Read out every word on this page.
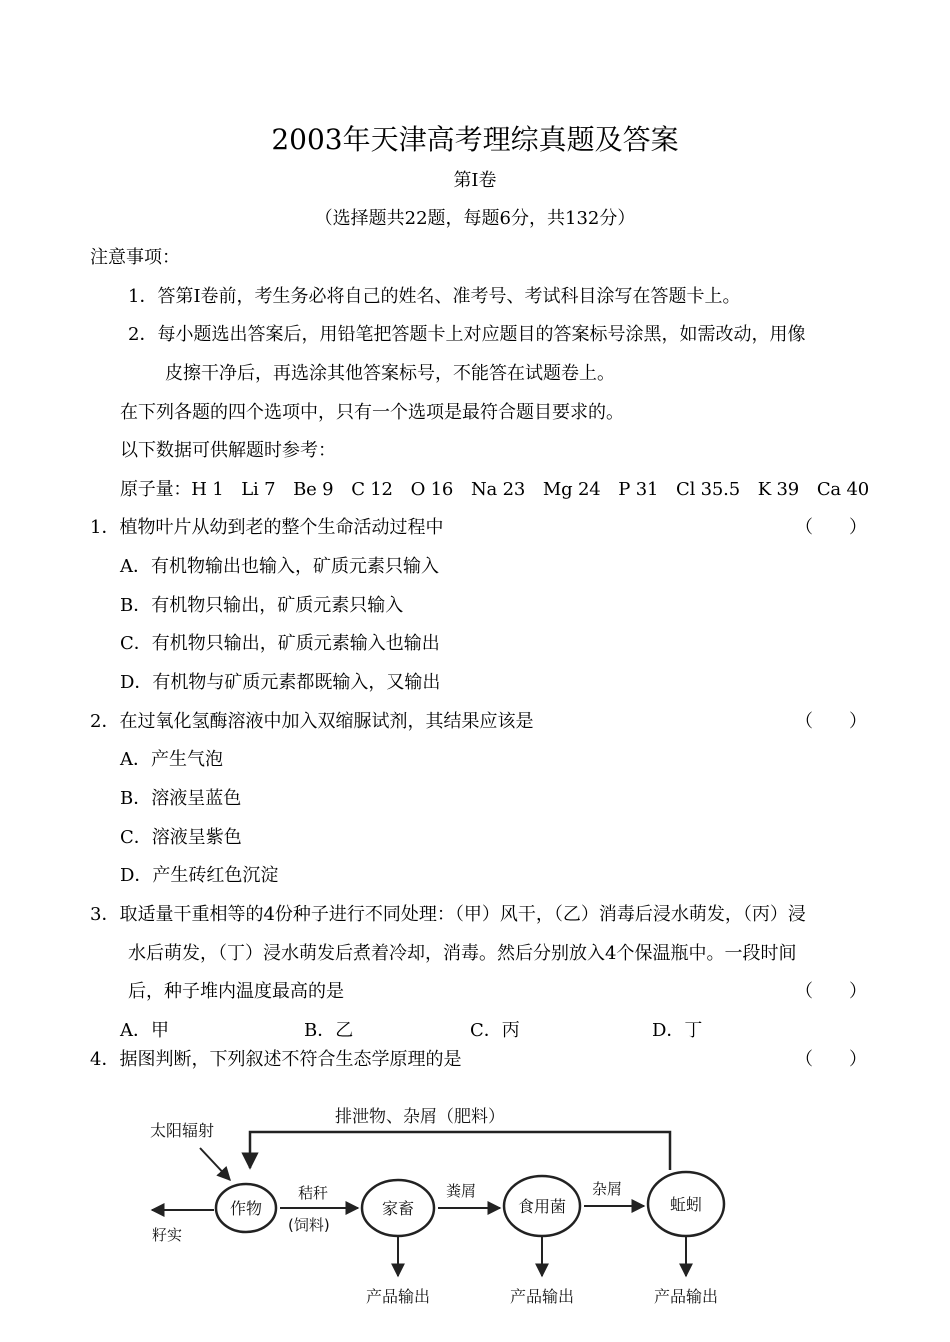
2003年天津高考理综真题及答案
第Ⅰ卷
（选择题共22题，每题6分，共132分）
注意事项：
1．答第Ⅰ卷前，考生务必将自己的姓名、准考号、考试科目涂写在答题卡上。
2．每小题选出答案后，用铅笔把答题卡上对应题目的答案标号涂黑，如需改动，用像
皮擦干净后，再选涂其他答案标号，不能答在试题卷上。
在下列各题的四个选项中，只有一个选项是最符合题目要求的。
以下数据可供解题时参考：
原子量：H 1　Li 7　Be 9　C 12　O 16　Na 23　Mg 24　P 31　Cl 35.5　K 39　Ca 40
1．植物叶片从幼到老的整个生命活动过程中	（　　）
A．有机物输出也输入，矿质元素只输入
B．有机物只输出，矿质元素只输入
C．有机物只输出，矿质元素输入也输出
D．有机物与矿质元素都既输入，又输出
2．在过氧化氢酶溶液中加入双缩脲试剂，其结果应该是	（　　）
A．产生气泡
B．溶液呈蓝色
C．溶液呈紫色
D．产生砖红色沉淀
3．取适量干重相等的4份种子进行不同处理：（甲）风干，（乙）消毒后浸水萌发，（丙）浸
水后萌发，（丁）浸水萌发后煮着冷却，消毒。然后分别放入4个保温瓶中。一段时间
后，种子堆内温度最高的是	（　　）
A．甲	B．乙	C．丙	D．丁
4．据图判断，下列叙述不符合生态学原理的是	（　　）
排泄物、杂屑（肥料）
太阳辐射
作物	家畜	食用菌	蚯蚓
秸秆
(饲料)
粪屑	杂屑
籽实
产品输出	产品输出	产品输出
